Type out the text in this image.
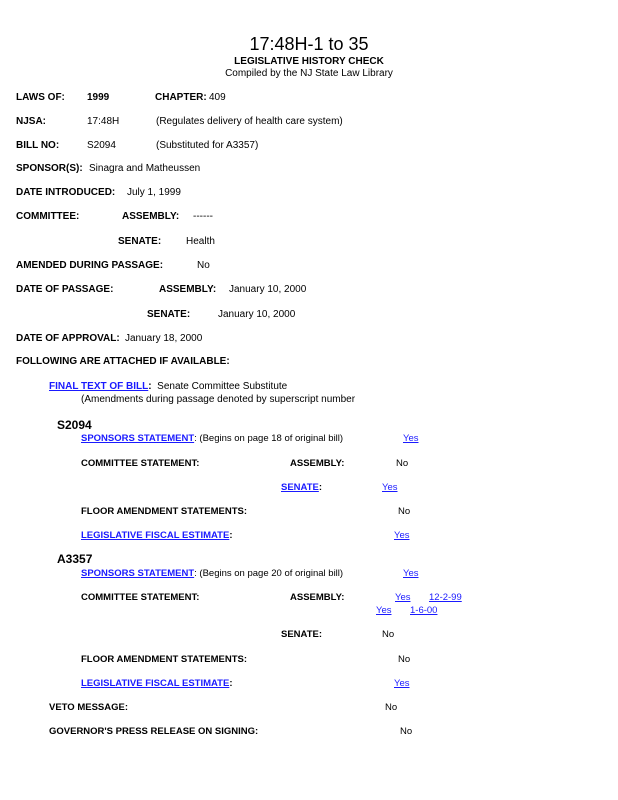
17:48H-1 to 35
LEGISLATIVE HISTORY CHECK
Compiled by the NJ State Law Library
LAWS OF: 1999	CHAPTER: 409
NJSA:	17:48H	(Regulates delivery of health care system)
BILL NO:	S2094	(Substituted for A3357)
SPONSOR(S): Sinagra and Matheussen
DATE INTRODUCED: July 1, 1999
COMMITTEE:	ASSEMBLY: ------
SENATE: Health
AMENDED DURING PASSAGE:	No
DATE OF PASSAGE:	ASSEMBLY: January 10, 2000
SENATE:	January 10, 2000
DATE OF APPROVAL: January 18, 2000
FOLLOWING ARE ATTACHED IF AVAILABLE:
FINAL TEXT OF BILL: Senate Committee Substitute
(Amendments during passage denoted by superscript number
S2094
SPONSORS STATEMENT: (Begins on page 18 of original bill)	Yes
COMMITTEE STATEMENT:	ASSEMBLY:	No
SENATE:	Yes
FLOOR AMENDMENT STATEMENTS:	No
LEGISLATIVE FISCAL ESTIMATE:	Yes
A3357
SPONSORS STATEMENT: (Begins on page 20 of original bill)	Yes
COMMITTEE STATEMENT:	ASSEMBLY:	Yes 12-2-99
Yes 1-6-00
SENATE:	No
FLOOR AMENDMENT STATEMENTS:	No
LEGISLATIVE FISCAL ESTIMATE:	Yes
VETO MESSAGE:	No
GOVERNOR'S PRESS RELEASE ON SIGNING:	No
